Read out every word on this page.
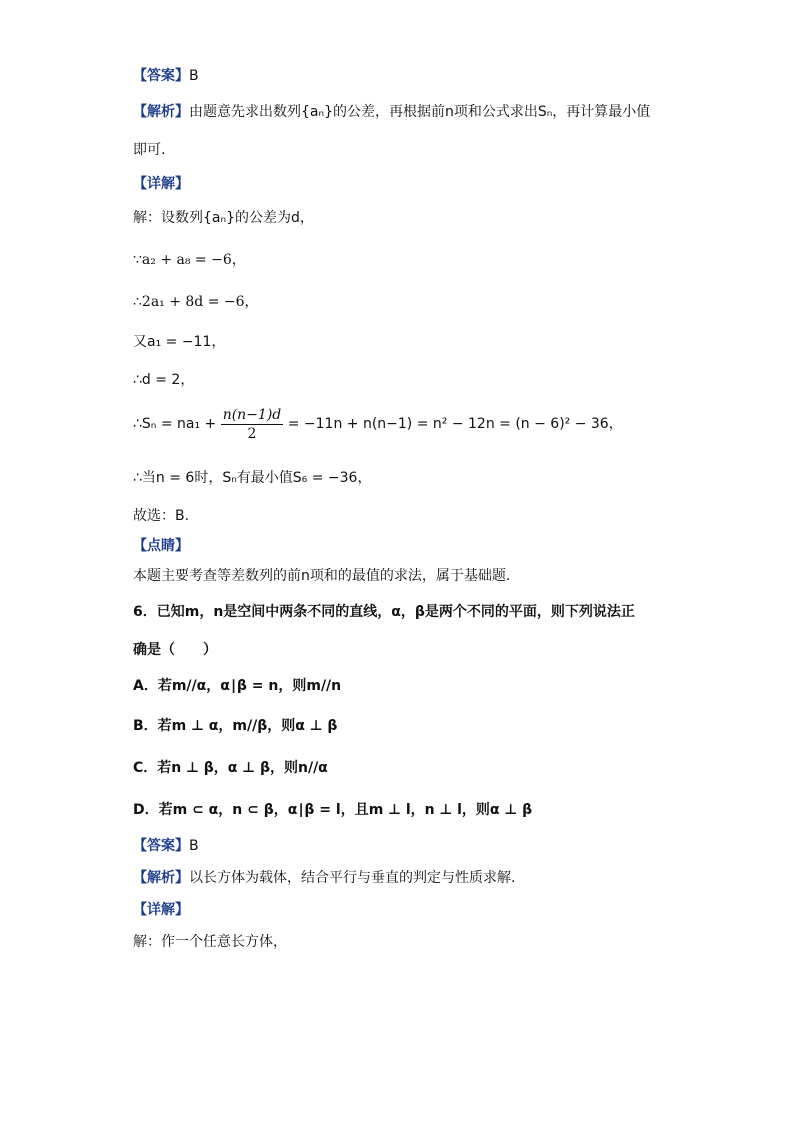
【答案】B
【解析】由题意先求出数列{aₙ}的公差，再根据前n项和公式求出Sₙ，再计算最小值
即可.
【详解】
解：设数列{aₙ}的公差为d，
∵a₂ + a₈ = −6，
∴2a₁ + 8d = −6，
又a₁ = −11，
∴d = 2，
∴Sₙ = $na_1 + \frac{n(n-1)d}{2} = -11n + n(n-1) = n^2 - 12n = (n - 6)^2 - 36$，
∴当n = 6时，Sₙ有最小值S₆ = −36，
故选：B.
【点睛】
本题主要考查等差数列的前n项和的最值的求法，属于基础题.
6．已知m，n是空间中两条不同的直线，α，β是两个不同的平面，则下列说法正
确是（　　）
A．若m//α，α∣β = n，则m//n
B．若m ⊥ α，m//β，则α ⊥ β
C．若n ⊥ β，α ⊥ β，则n//α
D．若m ⊂ α，n ⊂ β，α∣β = l，且m ⊥ l，n ⊥ l，则α ⊥ β
【答案】B
【解析】以长方体为载体，结合平行与垂直的判定与性质求解.
【详解】
解：作一个任意长方体，
